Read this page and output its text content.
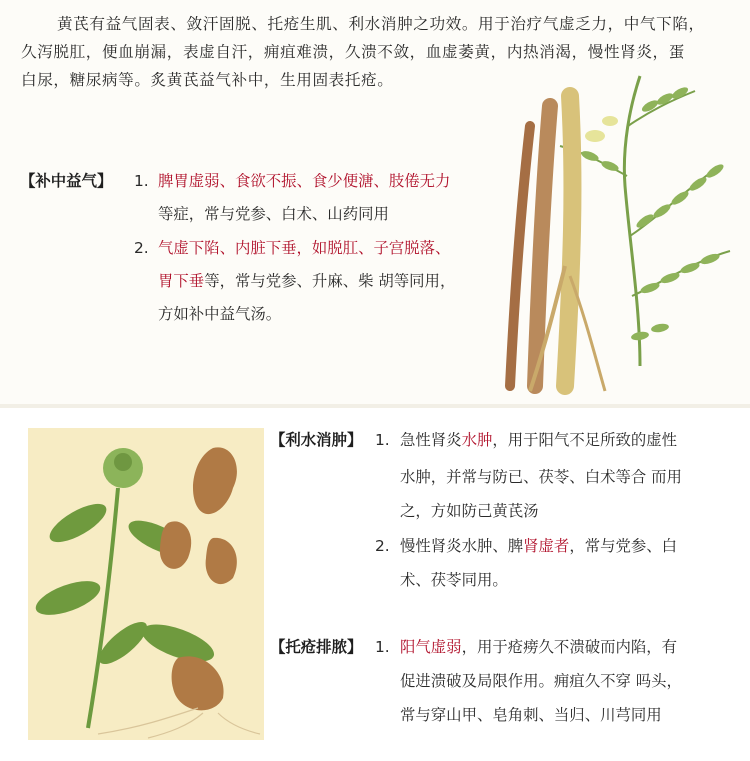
黄芪有益气固表、敛汗固脱、托疮生肌、利水消肿之功效。用于治疗气虚乏力，中气下陷，
久泻脱肛，便血崩漏，表虚自汗，痈疽难溃，久溃不敛，血虚萎黄，内热消渴，慢性肾炎，蛋
白尿，糖尿病等。炙黄芪益气补中，生用固表托疮。
【补中益气】 1. 脾胃虚弱、食欲不振、食少便溏、肢倦无力
等症，常与党参、白术、山药同用
2. 气虚下陷、内脏下垂，如脱肛、子宫脱落、
胃下垂等，常与党参、升麻、柴 胡等同用，
方如补中益气汤。
【利水消肿】 1. 急性肾炎水肿，用于阳气不足所致的虚性
水肿，并常与防已、茯苓、白术等合 而用
之，方如防己黄芪汤
2. 慢性肾炎水肿、脾肾虚者，常与党参、白
术、茯苓同用。
【托疮排脓】 1. 阳气虚弱，用于疮痨久不溃破而内陷，有
促进溃破及局限作用。痈疽久不穿 吗头，
常与穿山甲、皂角刺、当归、川芎同用
